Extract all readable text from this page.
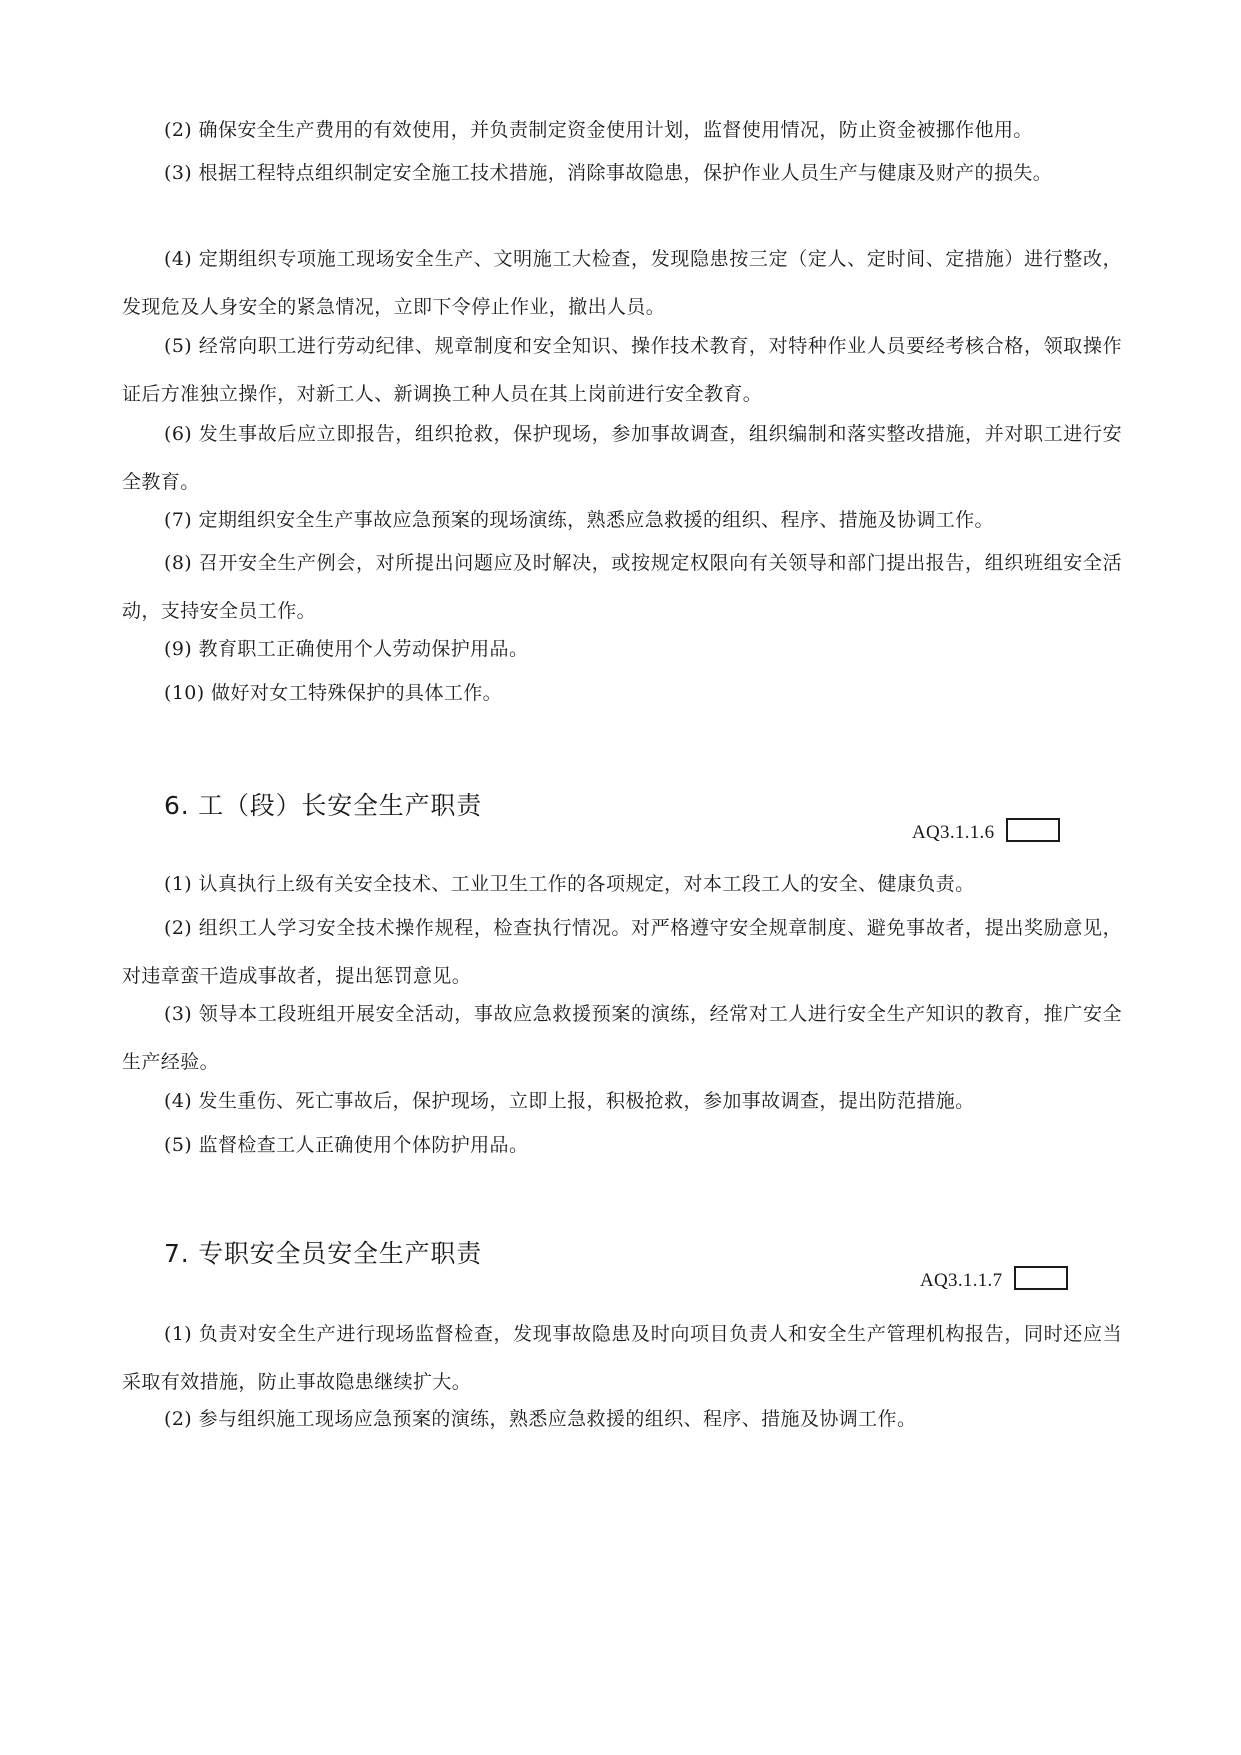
(2) 确保安全生产费用的有效使用，并负责制定资金使用计划，监督使用情况，防止资金被挪作他用。

(3) 根据工程特点组织制定安全施工技术措施，消除事故隐患，保护作业人员生产与健康及财产的损失。

(4) 定期组织专项施工现场安全生产、文明施工大检查，发现隐患按三定（定人、定时间、定措施）进行整改，发现危及人身安全的紧急情况，立即下令停止作业，撤出人员。

(5) 经常向职工进行劳动纪律、规章制度和安全知识、操作技术教育，对特种作业人员要经考核合格，领取操作证后方准独立操作，对新工人、新调换工种人员在其上岗前进行安全教育。

(6) 发生事故后应立即报告，组织抢救，保护现场，参加事故调查，组织编制和落实整改措施，并对职工进行安全教育。

(7) 定期组织安全生产事故应急预案的现场演练，熟悉应急救援的组织、程序、措施及协调工作。

(8) 召开安全生产例会，对所提出问题应及时解决，或按规定权限向有关领导和部门提出报告，组织班组安全活动，支持安全员工作。

(9) 教育职工正确使用个人劳动保护用品。

(10) 做好对女工特殊保护的具体工作。

6. 工（段）长安全生产职责
AQ3.1.1.6

(1) 认真执行上级有关安全技术、工业卫生工作的各项规定，对本工段工人的安全、健康负责。

(2) 组织工人学习安全技术操作规程，检查执行情况。对严格遵守安全规章制度、避免事故者，提出奖励意见，对违章蛮干造成事故者，提出惩罚意见。

(3) 领导本工段班组开展安全活动，事故应急救援预案的演练，经常对工人进行安全生产知识的教育，推广安全生产经验。

(4) 发生重伤、死亡事故后，保护现场，立即上报，积极抢救，参加事故调查，提出防范措施。

(5) 监督检查工人正确使用个体防护用品。

7. 专职安全员安全生产职责
AQ3.1.1.7

(1) 负责对安全生产进行现场监督检查，发现事故隐患及时向项目负责人和安全生产管理机构报告，同时还应当采取有效措施，防止事故隐患继续扩大。

(2) 参与组织施工现场应急预案的演练，熟悉应急救援的组织、程序、措施及协调工作。
